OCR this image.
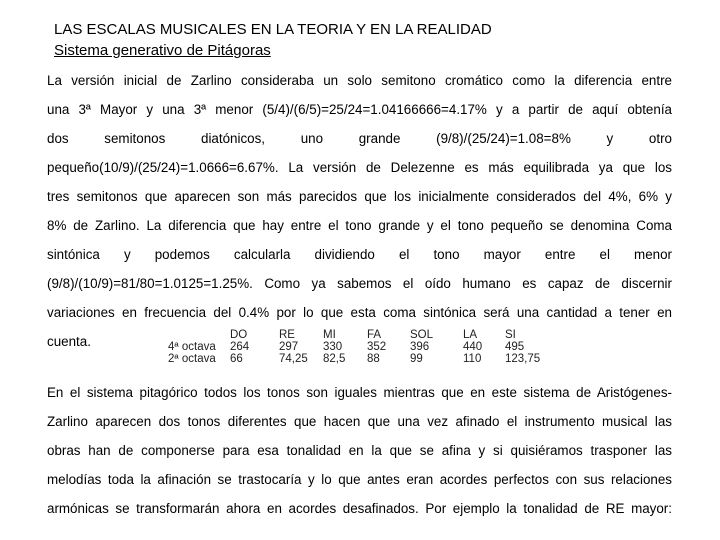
LAS ESCALAS MUSICALES EN LA TEORIA Y EN LA REALIDAD
Sistema generativo de Pitágoras
La versión inicial de Zarlino consideraba un solo semitono cromático como la diferencia entre
una 3ª Mayor y una 3ª menor (5/4)/(6/5)=25/24=1.04166666=4.17% y a partir de aquí obtenía
dos semitonos diatónicos, uno grande (9/8)/(25/24)=1.08=8% y otro
pequeño(10/9)/(25/24)=1.0666=6.67%. La versión de Delezenne es más equilibrada ya que los
tres semitonos que aparecen son más parecidos que los inicialmente considerados del 4%, 6% y
8% de Zarlino. La diferencia que hay entre el tono grande y el tono pequeño se denomina Coma
sintónica y podemos calcularla dividiendo el tono mayor entre el menor
(9/8)/(10/9)=81/80=1.0125=1.25%. Como ya sabemos el oído humano es capaz de discernir
variaciones en frecuencia del 0.4% por lo que esta coma sintónica será una cantidad a tener en
cuenta.	DO	RE MI	FA	SOL	LA SI
4ª octava 264	297 330 352 396	440 495
2ª octava 66	74,25 82,5 88	99	110 123,75
En el sistema pitagórico todos los tonos son iguales mientras que en este sistema de Aristógenes-
Zarlino aparecen dos tonos diferentes que hacen que una vez afinado el instrumento musical las
obras han de componerse para esa tonalidad en la que se afina y si quisiéramos trasponer las
melodías toda la afinación se trastocaría y lo que antes eran acordes perfectos con sus relaciones
armónicas se transformarán ahora en acordes desafinados. Por ejemplo la tonalidad de RE mayor:
